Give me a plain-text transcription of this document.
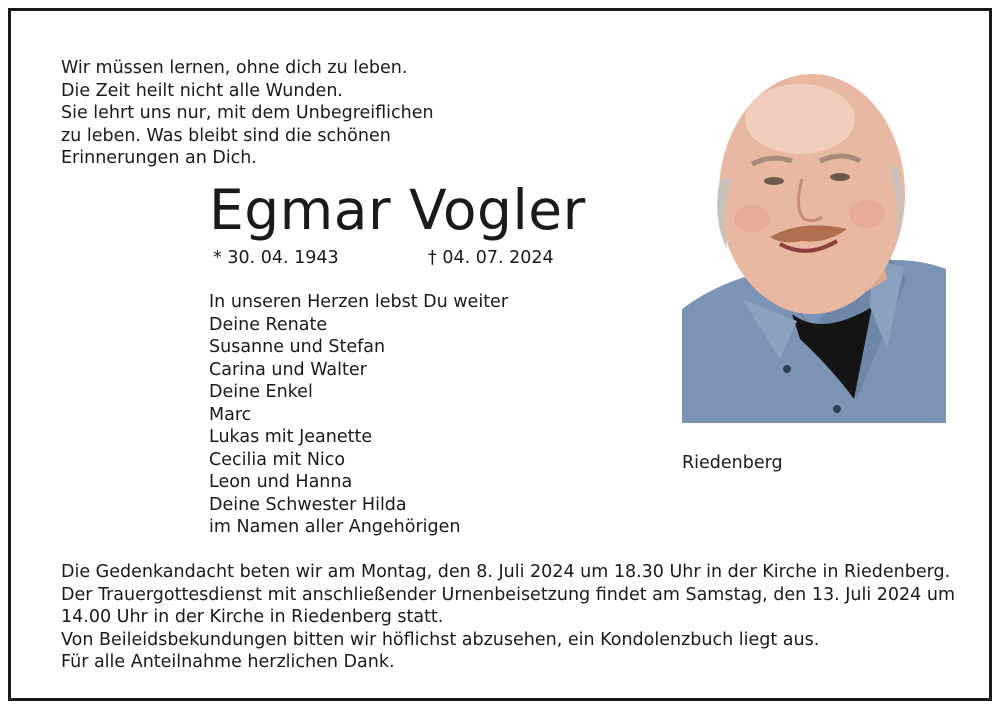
Wir müssen lernen, ohne dich zu leben.
Die Zeit heilt nicht alle Wunden.
Sie lehrt uns nur, mit dem Unbegreiflichen
zu leben. Was bleibt sind die schönen
Erinnerungen an Dich.
Egmar Vogler
* 30. 04. 1943	† 04. 07. 2024
In unseren Herzen lebst Du weiter
Deine Renate
Susanne und Stefan
Carina und Walter
Deine Enkel
Marc
Lukas mit Jeanette
Cecilia mit Nico
Leon und Hanna
Deine Schwester Hilda
im Namen aller Angehörigen
Riedenberg
Die Gedenkandacht beten wir am Montag, den 8. Juli 2024 um 18.30 Uhr in der Kirche in Riedenberg.
Der Trauergottesdienst mit anschließender Urnenbeisetzung findet am Samstag, den 13. Juli 2024 um
14.00 Uhr in der Kirche in Riedenberg statt.
Von Beileidsbekundungen bitten wir höflichst abzusehen, ein Kondolenzbuch liegt aus.
Für alle Anteilnahme herzlichen Dank.
